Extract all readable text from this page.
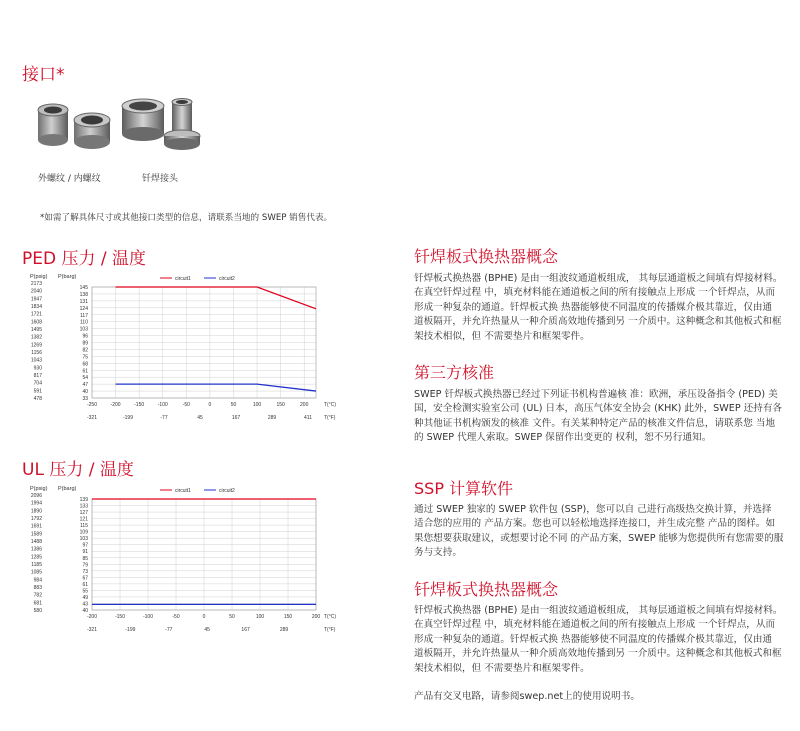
接口*
外螺纹 / 内螺纹	钎焊接头
*如需了解具体尺寸或其他接口类型的信息，请联系当地的 SWEP 销售代表。
PED 压力 / 温度
P(psig) P(barg)	circuit1	circuit2
145
138
131
124
117
110
103
96
89
82
75
68
61
54
47
40
33
2173
2040
1947
1834
1721
1608
1495
1382
1269
1156
1043
930
817
704
591
478
-250	-200	-150	-100	-50	0	50	100	150	200	T(°C)
-321	-199	-77	45	167	289	411 T(°F)
UL 压力 / 温度
P(psig) P(barg)	circuit1	circuit2
139
133
127
121
115
109
103
97
91
85
79
73
67
61
55
49
43
40
2096
1994
1890
1792
1691
1589
1488
1386
1285
1185
1085
984
883
782
681
580
-200	-150	-100	-50	0	50	100	150	200 T(°C)
-321	-199	-77	45	167	289	T(°F)
钎焊板式换热器概念

钎焊板式换热器 (BPHE) 是由一组波纹通道板组成， 其每层通道板之间填有焊接材料。在真空钎焊过程 中，填充材料能在通道板之间的所有接触点上形成 一个钎焊点，从而形成一种复杂的通道。钎焊板式换 热器能够使不同温度的传播媒介极其靠近，仅由通 道板隔开，并允许热量从一种介质高效地传播到另 一介质中。这种概念和其他板式和框架技术相似，但 不需要垫片和框架零件。

第三方核准

SWEP 钎焊板式换热器已经过下列证书机构普遍核 准：欧洲，承压设备指令 (PED) 美国，安全检测实验室公司 (UL) 日本，高压气体安全协会 (KHK) 此外，SWEP 还持有各种其他证书机构颁发的核准 文件。有关某种特定产品的核准文件信息，请联系您 当地的 SWEP 代理人索取。SWEP 保留作出变更的 权利，恕不另行通知。

SSP 计算软件

通过 SWEP 独家的 SWEP 软件包 (SSP)，您可以自 己进行高级热交换计算，并选择　适合您的应用的 产品方案。您也可以轻松地选择连接口，并生成完整 产品的图样。如果您想要获取建议，或想要讨论不同 的产品方案，SWEP 能够为您提供所有您需要的服 务与支持。

钎焊板式换热器概念

钎焊板式换热器 (BPHE) 是由一组波纹通道板组成， 其每层通道板之间填有焊接材料。在真空钎焊过程 中，填充材料能在通道板之间的所有接触点上形成 一个钎焊点，从而形成一种复杂的通道。钎焊板式换 热器能够使不同温度的传播媒介极其靠近，仅由通 道板隔开，并允许热量从一种介质高效地传播到另 一介质中。这种概念和其他板式和框架技术相似，但 不需要垫片和框架零件。

产品有交叉电路，请参阅swep.net上的使用说明书。
